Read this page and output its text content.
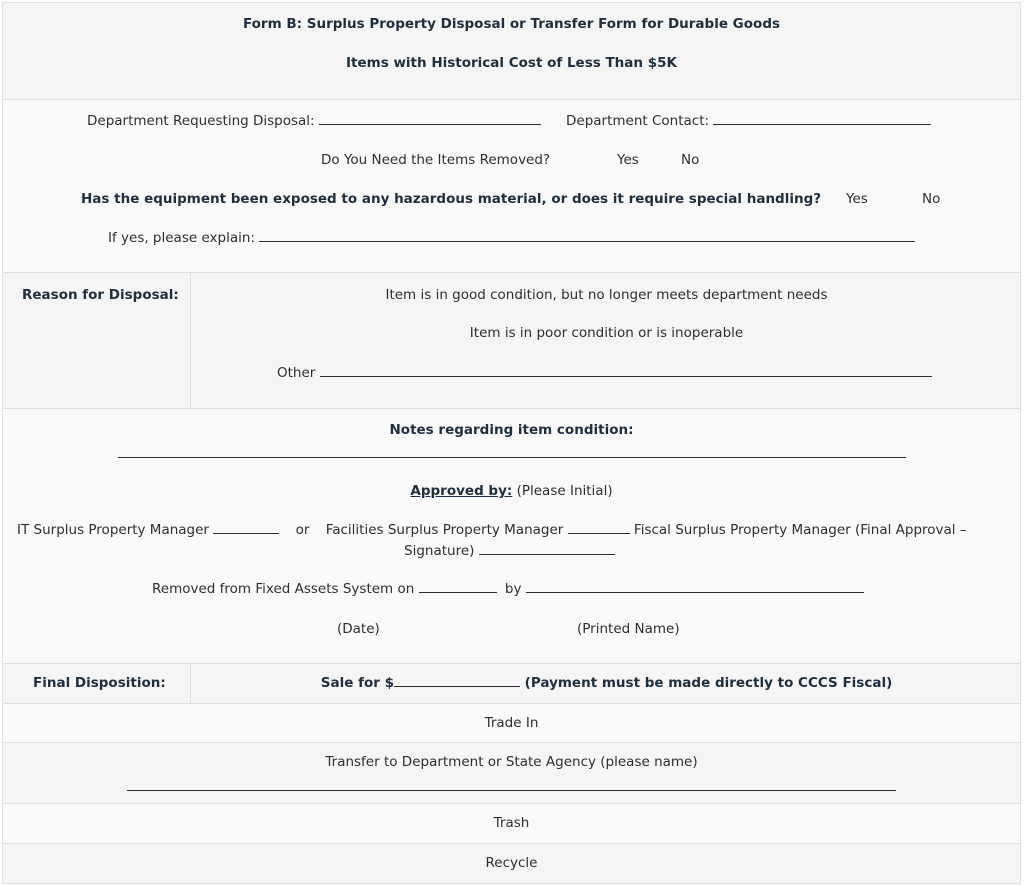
Form B: Surplus Property Disposal or Transfer Form for Durable Goods
Items with Historical Cost of Less Than $5K
Department Requesting Disposal:	Department Contact:
Do You Need the Items Removed?	Yes	No
Has the equipment been exposed to any hazardous material, or does it require special handling? Yes	No
If yes, please explain:
Reason for Disposal:	Item is in good condition, but no longer meets department needs
Item is in poor condition or is inoperable
Other
Notes regarding item condition:
Approved by: (Please Initial)
IT Surplus Property Manager	or Facilities Surplus Property Manager	Fiscal Surplus Property Manager (Final Approval –
Signature)
Removed from Fixed Assets System on	by
(Date)	(Printed Name)
Final Disposition:	Sale for $	(Payment must be made directly to CCCS Fiscal)
Trade In
Transfer to Department or State Agency (please name)
Trash
Recycle
